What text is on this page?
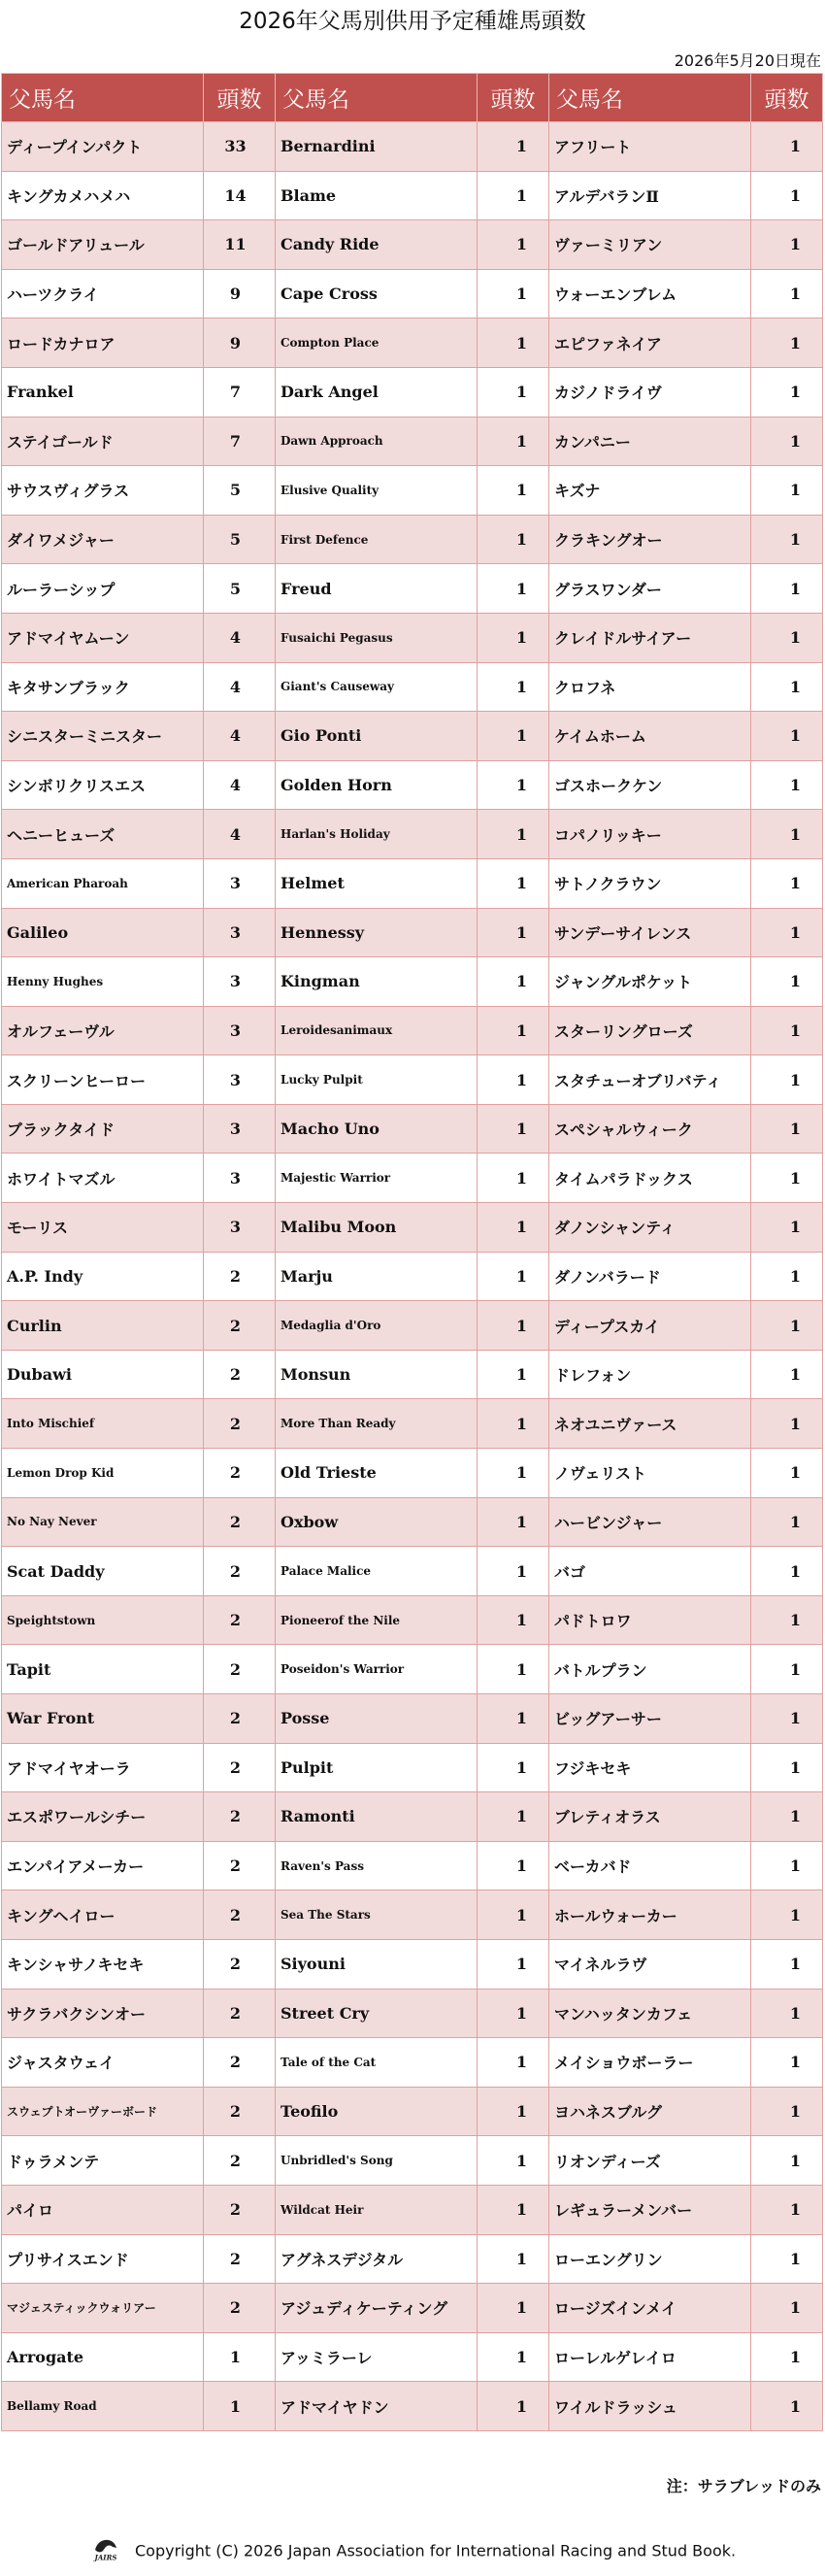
2026年父馬別供用予定種雄馬頭数
2026年5月20日現在
父馬名	頭数	父馬名	頭数	父馬名	頭数
ディープインパクト	33	Bernardini	1	アフリート	1
キングカメハメハ	14	Blame	1	アルデバランⅡ	1
ゴールドアリュール	11	Candy Ride	1	ヴァーミリアン	1
ハーツクライ	9	Cape Cross	1	ウォーエンブレム	1
ロードカナロア	9	Compton Place	1	エピファネイア	1
Frankel	7	Dark Angel	1	カジノドライヴ	1
ステイゴールド	7	Dawn Approach	1	カンパニー	1
サウスヴィグラス	5	Elusive Quality	1	キズナ	1
ダイワメジャー	5	First Defence	1	クラキングオー	1
ルーラーシップ	5	Freud	1	グラスワンダー	1
アドマイヤムーン	4	Fusaichi Pegasus	1	クレイドルサイアー	1
キタサンブラック	4	Giant's Causeway	1	クロフネ	1
シニスターミニスター	4	Gio Ponti	1	ケイムホーム	1
シンボリクリスエス	4	Golden Horn	1	ゴスホークケン	1
ヘニーヒューズ	4	Harlan's Holiday	1	コパノリッキー	1
American Pharoah	3	Helmet	1	サトノクラウン	1
Galileo	3	Hennessy	1	サンデーサイレンス	1
Henny Hughes	3	Kingman	1	ジャングルポケット	1
オルフェーヴル	3	Leroidesanimaux	1	スターリングローズ	1
スクリーンヒーロー	3	Lucky Pulpit	1	スタチューオブリバティ	1
ブラックタイド	3	Macho Uno	1	スペシャルウィーク	1
ホワイトマズル	3	Majestic Warrior	1	タイムパラドックス	1
モーリス	3	Malibu Moon	1	ダノンシャンティ	1
A.P. Indy	2	Marju	1	ダノンバラード	1
Curlin	2	Medaglia d'Oro	1	ディープスカイ	1
Dubawi	2	Monsun	1	ドレフォン	1
Into Mischief	2	More Than Ready	1	ネオユニヴァース	1
Lemon Drop Kid	2	Old Trieste	1	ノヴェリスト	1
No Nay Never	2	Oxbow	1	ハービンジャー	1
Scat Daddy	2	Palace Malice	1	バゴ	1
Speightstown	2	Pioneerof the Nile	1	パドトロワ	1
Tapit	2	Poseidon's Warrior	1	バトルプラン	1
War Front	2	Posse	1	ビッグアーサー	1
アドマイヤオーラ	2	Pulpit	1	フジキセキ	1
エスポワールシチー	2	Ramonti	1	ブレティオラス	1
エンパイアメーカー	2	Raven's Pass	1	ベーカバド	1
キングヘイロー	2	Sea The Stars	1	ホールウォーカー	1
キンシャサノキセキ	2	Siyouni	1	マイネルラヴ	1
サクラバクシンオー	2	Street Cry	1	マンハッタンカフェ	1
ジャスタウェイ	2	Tale of the Cat	1	メイショウボーラー	1
スウェプトオーヴァーボード	2	Teofilo	1	ヨハネスブルグ	1
ドゥラメンテ	2	Unbridled's Song	1	リオンディーズ	1
パイロ	2	Wildcat Heir	1	レギュラーメンバー	1
プリサイスエンド	2	アグネスデジタル	1	ローエングリン	1
マジェスティックウォリアー	2	アジュディケーティング	1	ロージズインメイ	1
Arrogate	1	アッミラーレ	1	ローレルゲレイロ	1
Bellamy Road	1	アドマイヤドン	1	ワイルドラッシュ	1
注：サラブレッドのみ
JAIRS Copyright (C) 2026 Japan Association for International Racing and Stud Book.
